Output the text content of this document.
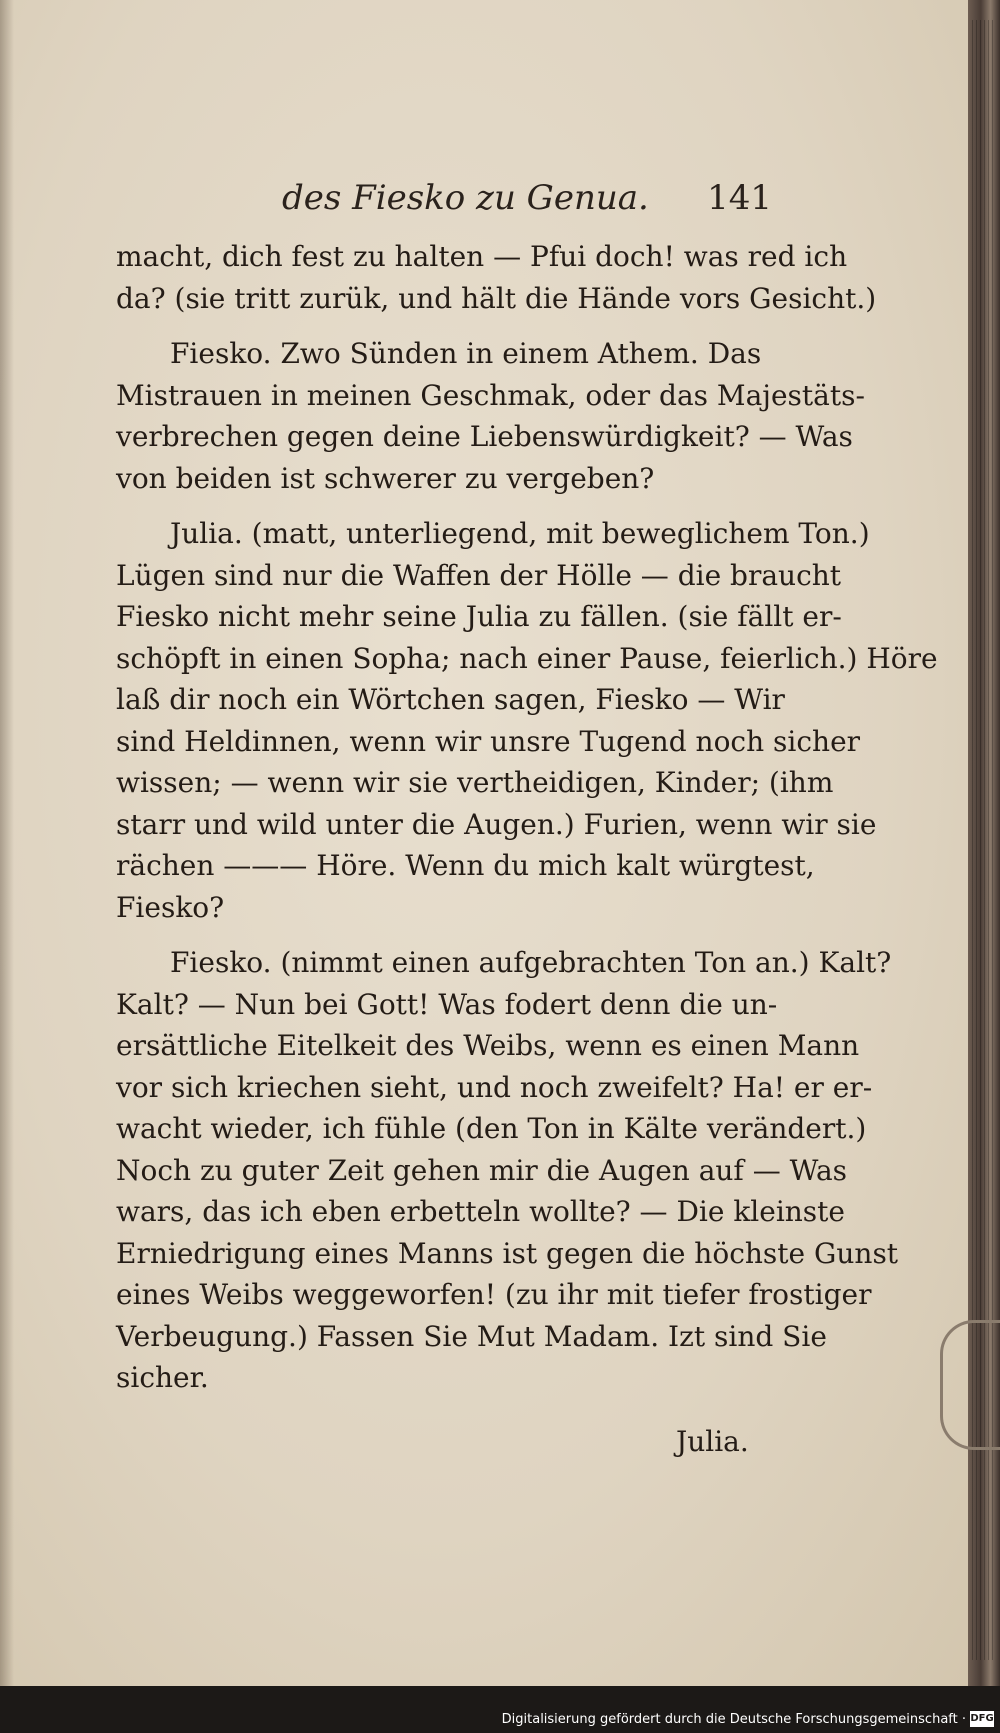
des Fiesko zu Genua. 141

macht, dich fest zu halten — Pfui doch! was red ich
da? (sie tritt zurük, und hält die Hände vors Gesicht.)

Fiesko. Zwo Sünden in einem Athem. Das
Mistrauen in meinen Geschmak, oder das Majestäts-
verbrechen gegen deine Liebenswürdigkeit? — Was
von beiden ist schwerer zu vergeben?

Julia. (matt, unterliegend, mit beweglichem Ton.)
Lügen sind nur die Waffen der Hölle — die braucht
Fiesko nicht mehr seine Julia zu fällen. (sie fällt er-
schöpft in einen Sopha; nach einer Pause, feierlich.) Höre
laß dir noch ein Wörtchen sagen, Fiesko — Wir
sind Heldinnen, wenn wir unsre Tugend noch sicher
wissen; — wenn wir sie vertheidigen, Kinder; (ihm
starr und wild unter die Augen.) Furien, wenn wir sie
rächen ——— Höre. Wenn du mich kalt würgtest,
Fiesko?

Fiesko. (nimmt einen aufgebrachten Ton an.) Kalt?
Kalt? — Nun bei Gott! Was fodert denn die un-
ersättliche Eitelkeit des Weibs, wenn es einen Mann
vor sich kriechen sieht, und noch zweifelt? Ha! er er-
wacht wieder, ich fühle (den Ton in Kälte verändert.)
Noch zu guter Zeit gehen mir die Augen auf — Was
wars, das ich eben erbetteln wollte? — Die kleinste
Erniedrigung eines Manns ist gegen die höchste Gunst
eines Weibs weggeworfen! (zu ihr mit tiefer frostiger
Verbeugung.) Fassen Sie Mut Madam. Izt sind Sie
sicher.

Julia.
Digitalisierung gefördert durch die Deutsche Forschungsgemeinschaft · DFG
